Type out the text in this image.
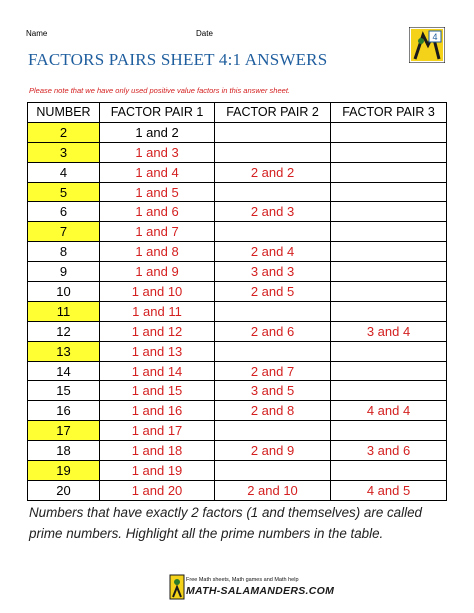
Name	Date	4
FACTORS PAIRS SHEET 4:1 ANSWERS

Please note that we have only used positive value factors in this answer sheet.

NUMBER	FACTOR PAIR 1	FACTOR PAIR 2	FACTOR PAIR 3
2	1 and 2		
3	1 and 3		
4	1 and 4	2 and 2	
5	1 and 5		
6	1 and 6	2 and 3	
7	1 and 7		
8	1 and 8	2 and 4	
9	1 and 9	3 and 3	
10	1 and 10	2 and 5	
11	1 and 11		
12	1 and 12	2 and 6	3 and 4
13	1 and 13		
14	1 and 14	2 and 7	
15	1 and 15	3 and 5	
16	1 and 16	2 and 8	4 and 4
17	1 and 17		
18	1 and 18	2 and 9	3 and 6
19	1 and 19		
20	1 and 20	2 and 10	4 and 5

Numbers that have exactly 2 factors (1 and themselves) are called prime numbers. Highlight all the prime numbers in the table.

Free Math sheets, Math games and Math help
MATH-SALAMANDERS.COM
